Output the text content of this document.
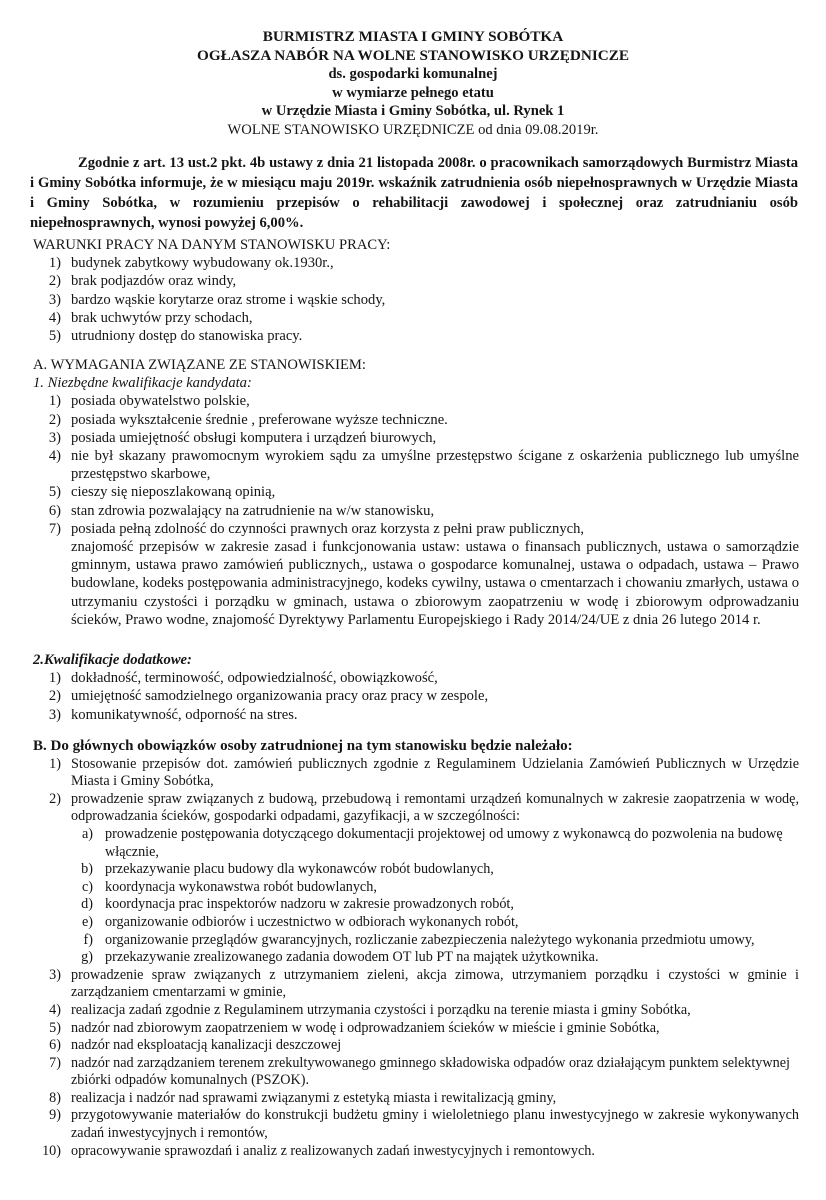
BURMISTRZ MIASTA I GMINY SOBÓTKA
OGŁASZA NABÓR NA WOLNE STANOWISKO URZĘDNICZE
ds. gospodarki komunalnej
w wymiarze pełnego etatu
w Urzędzie Miasta i Gminy Sobótka, ul. Rynek 1
WOLNE STANOWISKO URZĘDNICZE od dnia 09.08.2019r.
Zgodnie z art. 13 ust.2 pkt. 4b ustawy z dnia 21 listopada 2008r. o pracownikach samorządowych Burmistrz Miasta i Gminy Sobótka informuje, że w miesiącu maju 2019r. wskaźnik zatrudnienia osób niepełnosprawnych w Urzędzie Miasta i Gminy Sobótka, w rozumieniu przepisów o rehabilitacji zawodowej i społecznej oraz zatrudnianiu osób niepełnosprawnych, wynosi powyżej 6,00%.
WARUNKI PRACY NA DANYM STANOWISKU PRACY:
1) budynek zabytkowy wybudowany ok.1930r.,
2) brak podjazdów oraz windy,
3) bardzo wąskie korytarze oraz strome i wąskie schody,
4) brak uchwytów przy schodach,
5) utrudniony dostęp do stanowiska pracy.
A. WYMAGANIA ZWIĄZANE ZE STANOWISKIEM:
1. Niezbędne kwalifikacje kandydata:
1) posiada obywatelstwo polskie,
2) posiada wykształcenie średnie , preferowane wyższe techniczne.
3) posiada umiejętność obsługi komputera i urządzeń biurowych,
4) nie był skazany prawomocnym wyrokiem sądu za umyślne przestępstwo ścigane z oskarżenia publicznego lub umyślne przestępstwo skarbowe,
5) cieszy się nieposzlakowaną opinią,
6) stan zdrowia pozwalający na zatrudnienie na w/w stanowisku,
7) posiada pełną zdolność do czynności prawnych oraz korzysta z pełni praw publicznych,
znajomość przepisów w zakresie zasad i funkcjonowania ustaw: ustawa o finansach publicznych, ustawa o samorządzie gminnym, ustawa prawo zamówień publicznych,, ustawa o gospodarce komunalnej, ustawa o odpadach, ustawa – Prawo budowlane, kodeks postępowania administracyjnego, kodeks cywilny, ustawa o cmentarzach i chowaniu zmarłych, ustawa o utrzymaniu czystości i porządku w gminach, ustawa o zbiorowym zaopatrzeniu w wodę i zbiorowym odprowadzaniu ścieków, Prawo wodne, znajomość Dyrektywy Parlamentu Europejskiego i Rady 2014/24/UE z dnia 26 lutego 2014 r.
2.Kwalifikacje dodatkowe:
1) dokładność, terminowość, odpowiedzialność, obowiązkowość,
2) umiejętność samodzielnego organizowania pracy oraz pracy w zespole,
3) komunikatywność, odporność na stres.
B. Do głównych obowiązków osoby zatrudnionej na tym stanowisku będzie należało:
1) Stosowanie przepisów dot. zamówień publicznych zgodnie z Regulaminem Udzielania Zamówień Publicznych w Urzędzie Miasta i Gminy Sobótka,
2) prowadzenie spraw związanych z budową, przebudową i remontami urządzeń komunalnych w zakresie zaopatrzenia w wodę, odprowadzania ścieków, gospodarki odpadami, gazyfikacji, a w szczególności:
a) prowadzenie postępowania dotyczącego dokumentacji projektowej od umowy z wykonawcą do pozwolenia na budowę włącznie,
b) przekazywanie placu budowy dla wykonawców robót budowlanych,
c) koordynacja wykonawstwa robót budowlanych,
d) koordynacja prac inspektorów nadzoru w zakresie prowadzonych robót,
e) organizowanie odbiorów i uczestnictwo w odbiorach wykonanych robót,
f) organizowanie przeglądów gwarancyjnych, rozliczanie zabezpieczenia należytego wykonania przedmiotu umowy,
g) przekazywanie zrealizowanego zadania dowodem OT lub PT na majątek użytkownika.
3) prowadzenie spraw związanych z utrzymaniem zieleni, akcja zimowa, utrzymaniem porządku i czystości w gminie i zarządzaniem cmentarzami w gminie,
4) realizacja zadań zgodnie z Regulaminem utrzymania czystości i porządku na terenie miasta i gminy Sobótka,
5) nadzór nad zbiorowym zaopatrzeniem w wodę i odprowadzaniem ścieków w mieście i gminie Sobótka,
6) nadzór nad eksploatacją kanalizacji deszczowej
7) nadzór nad zarządzaniem terenem zrekultywowanego gminnego składowiska odpadów oraz działającym punktem selektywnej zbiórki odpadów komunalnych (PSZOK).
8) realizacja i nadzór nad sprawami związanymi z estetyką miasta i rewitalizacją gminy,
9) przygotowywanie materiałów do konstrukcji budżetu gminy i wieloletniego planu inwestycyjnego w zakresie wykonywanych zadań inwestycyjnych i remontów,
10) opracowywanie sprawozdań i analiz z realizowanych zadań inwestycyjnych i remontowych.
